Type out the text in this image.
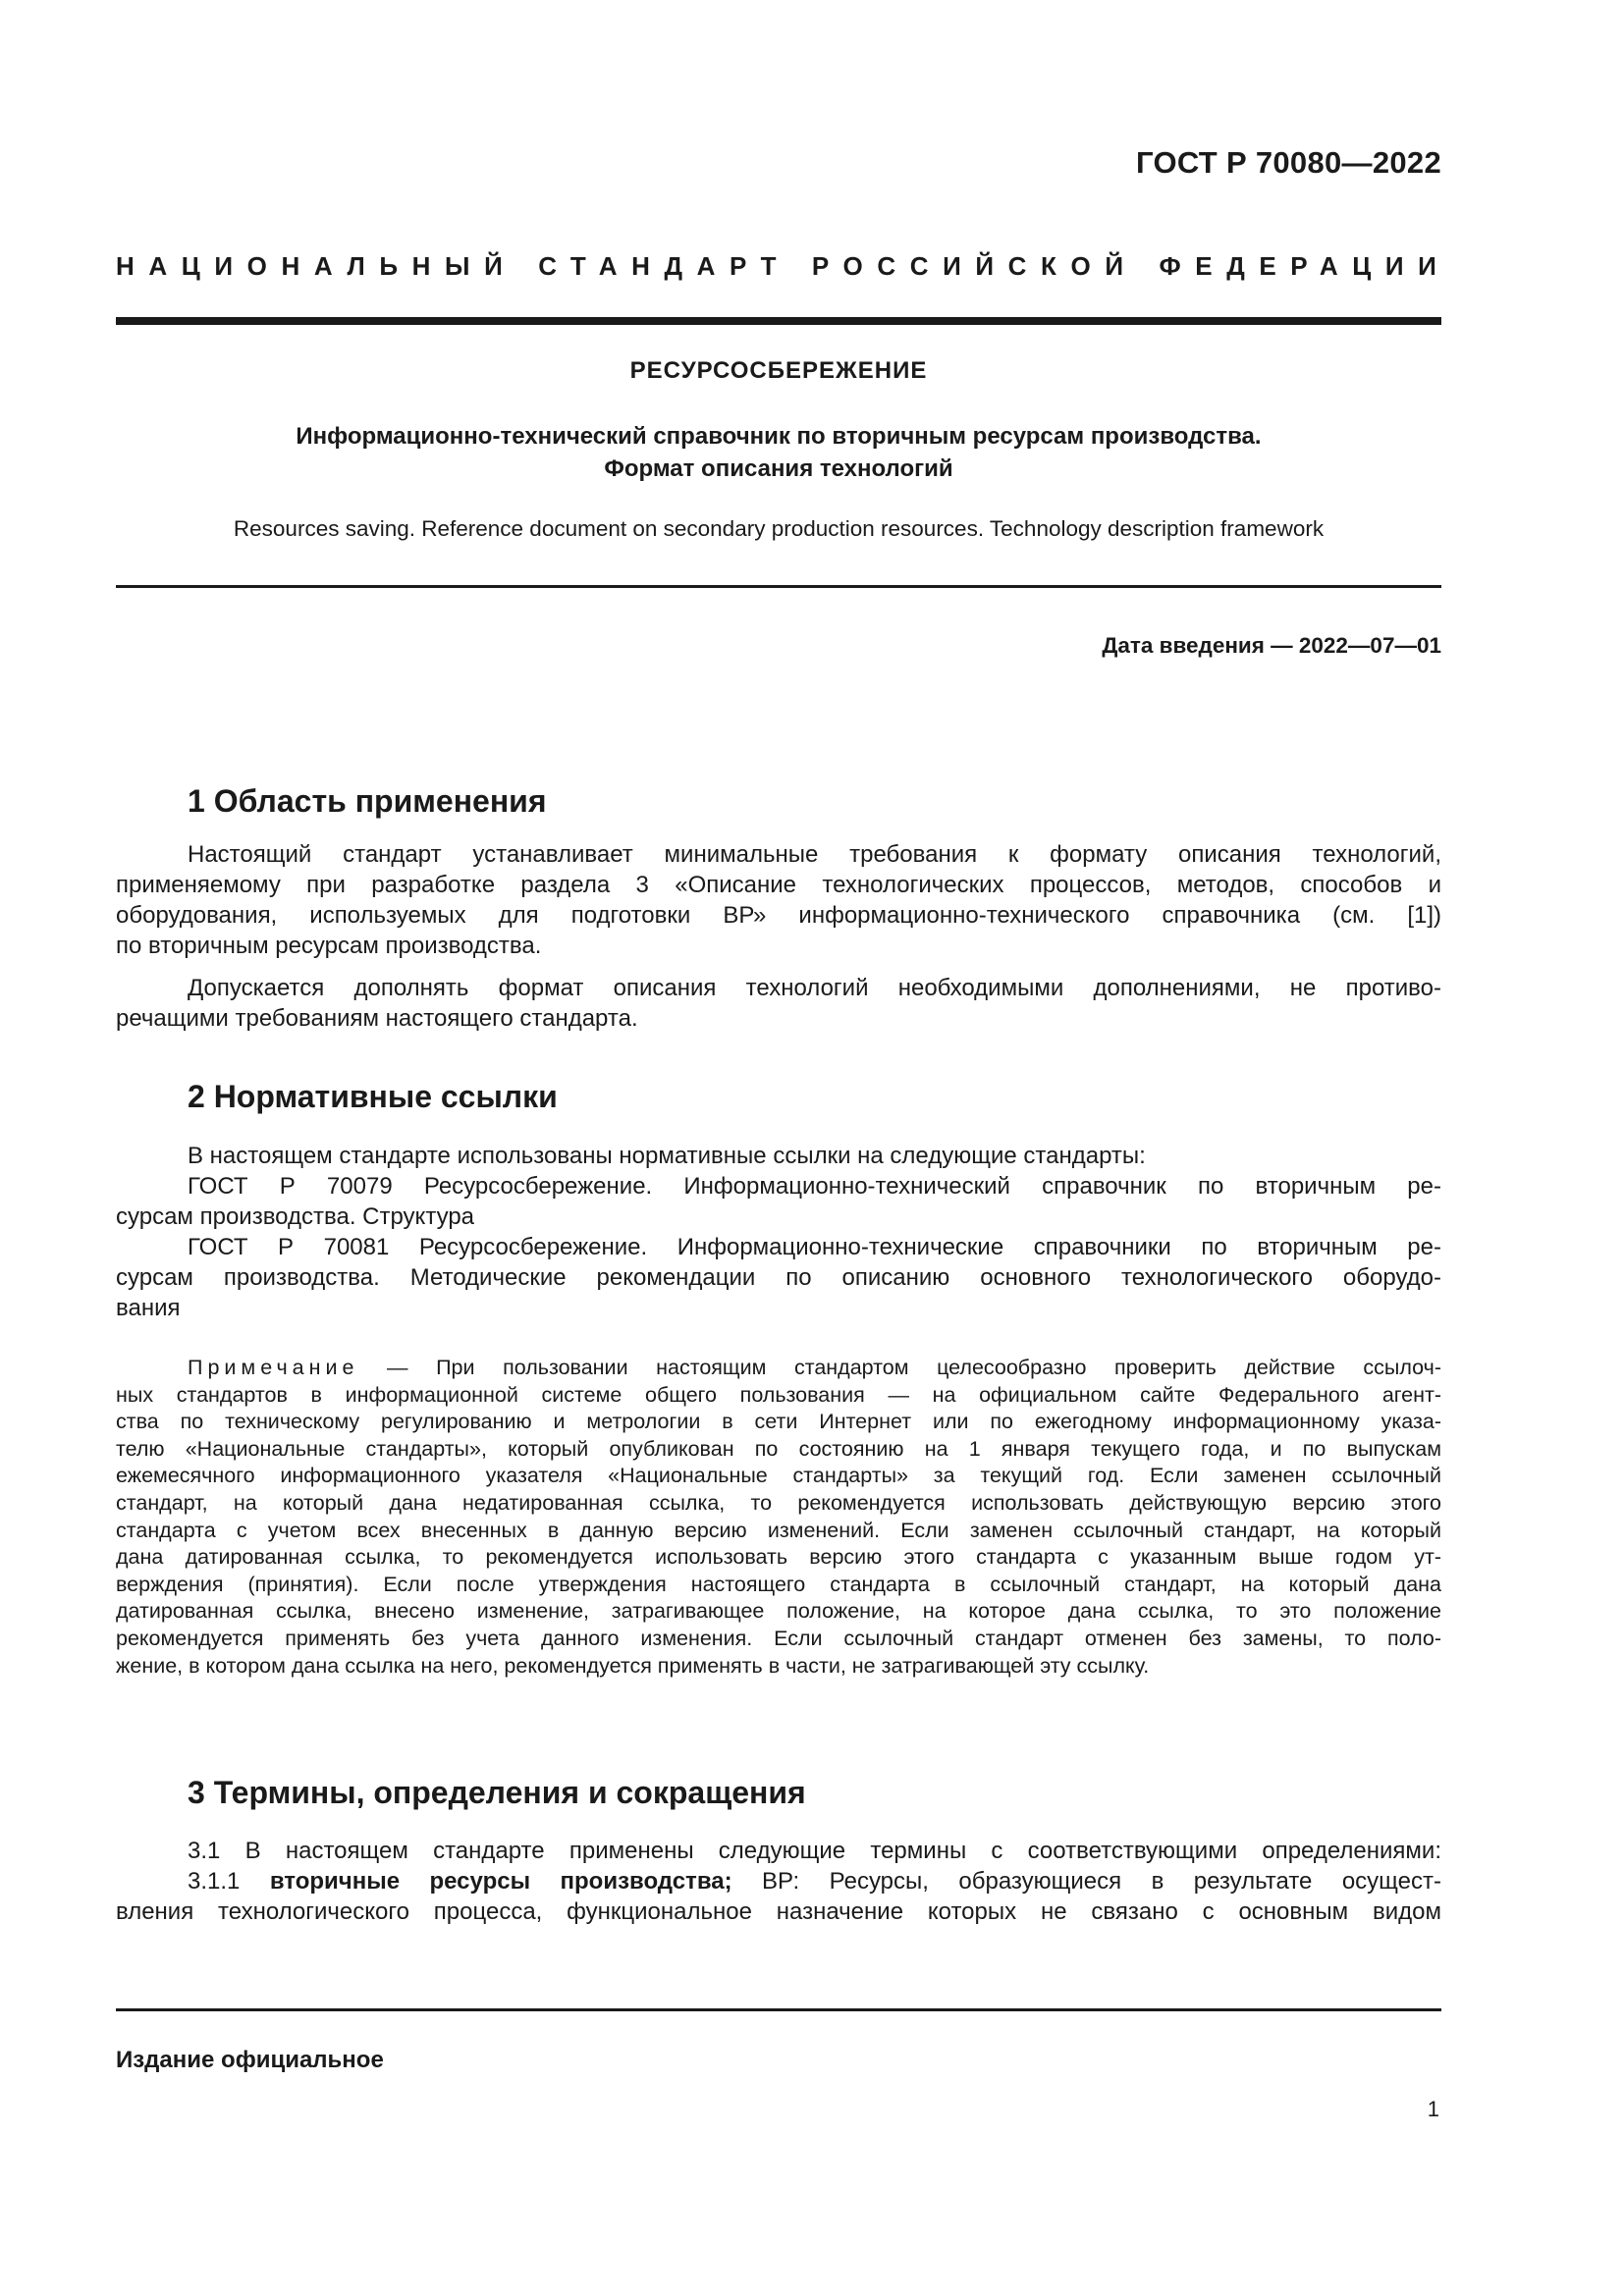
ГОСТ Р 70080—2022
НАЦИОНАЛЬНЫЙ СТАНДАРТ РОССИЙСКОЙ ФЕДЕРАЦИИ
РЕСУРСОСБЕРЕЖЕНИЕ
Информационно-технический справочник по вторичным ресурсам производства.
Формат описания технологий
Resources saving. Reference document on secondary production resources. Technology description framework
Дата введения — 2022—07—01
1 Область применения
Настоящий стандарт устанавливает минимальные требования к формату описания технологий,
применяемому при разработке раздела 3 «Описание технологических процессов, методов, способов и
оборудования, используемых для подготовки ВР» информационно-технического справочника (см. [1])
по вторичным ресурсам производства.
Допускается дополнять формат описания технологий необходимыми дополнениями, не противо-
речащими требованиям настоящего стандарта.
2 Нормативные ссылки
В настоящем стандарте использованы нормативные ссылки на следующие стандарты:
ГОСТ Р 70079 Ресурсосбережение. Информационно-технический справочник по вторичным ре-
сурсам производства. Структура
ГОСТ Р 70081 Ресурсосбережение. Информационно-технические справочники по вторичным ре-
сурсам производства. Методические рекомендации по описанию основного технологического оборудо-
вания
Примечание — При пользовании настоящим стандартом целесообразно проверить действие ссылоч-
ных стандартов в информационной системе общего пользования — на официальном сайте Федерального агент-
ства по техническому регулированию и метрологии в сети Интернет или по ежегодному информационному указа-
телю «Национальные стандарты», который опубликован по состоянию на 1 января текущего года, и по выпускам
ежемесячного информационного указателя «Национальные стандарты» за текущий год. Если заменен ссылочный
стандарт, на который дана недатированная ссылка, то рекомендуется использовать действующую версию этого
стандарта с учетом всех внесенных в данную версию изменений. Если заменен ссылочный стандарт, на который
дана датированная ссылка, то рекомендуется использовать версию этого стандарта с указанным выше годом ут-
верждения (принятия). Если после утверждения настоящего стандарта в ссылочный стандарт, на который дана
датированная ссылка, внесено изменение, затрагивающее положение, на которое дана ссылка, то это положение
рекомендуется применять без учета данного изменения. Если ссылочный стандарт отменен без замены, то поло-
жение, в котором дана ссылка на него, рекомендуется применять в части, не затрагивающей эту ссылку.
3 Термины, определения и сокращения
3.1 В настоящем стандарте применены следующие термины с соответствующими определениями:
3.1.1 вторичные ресурсы производства; ВР: Ресурсы, образующиеся в результате осущест-
вления технологического процесса, функциональное назначение которых не связано с основным видом
Издание официальное
1
